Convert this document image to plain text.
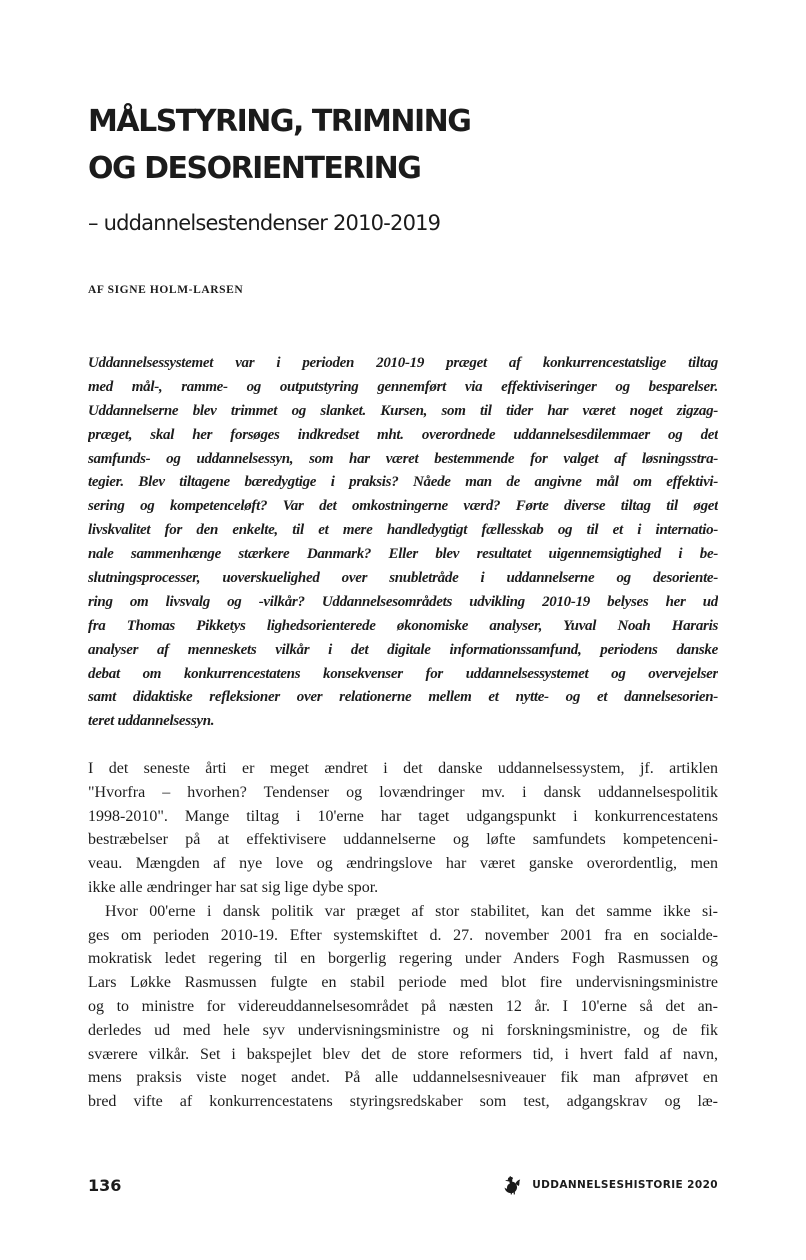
MÅLSTYRING, TRIMNING
OG DESORIENTERING
– uddannelsestendenser 2010-2019
AF SIGNE HOLM-LARSEN
Uddannelsessystemet var i perioden 2010-19 præget af konkurrencestatslige tiltag
med mål-, ramme- og outputstyring gennemført via effektiviseringer og besparelser.
Uddannelserne blev trimmet og slanket. Kursen, som til tider har været noget zigzag-
præget, skal her forsøges indkredset mht. overordnede uddannelsesdilemmaer og det
samfunds- og uddannelsessyn, som har været bestemmende for valget af løsningsstra-
tegier. Blev tiltagene bæredygtige i praksis? Nåede man de angivne mål om effektivi-
sering og kompetenceløft? Var det omkostningerne værd? Førte diverse tiltag til øget
livskvalitet for den enkelte, til et mere handledygtigt fællesskab og til et i internatio-
nale sammenhænge stærkere Danmark? Eller blev resultatet uigennemsigtighed i be-
slutningsprocesser, uoverskuelighed over snubletråde i uddannelserne og desoriente-
ring om livsvalg og -vilkår? Uddannelsesområdets udvikling 2010-19 belyses her ud
fra Thomas Pikketys lighedsorienterede økonomiske analyser, Yuval Noah Hararis
analyser af menneskets vilkår i det digitale informationssamfund, periodens danske
debat om konkurrencestatens konsekvenser for uddannelsessystemet og overvejelser
samt didaktiske refleksioner over relationerne mellem et nytte- og et dannelsesorien-
teret uddannelsessyn.
I det seneste årti er meget ændret i det danske uddannelsessystem, jf. artiklen
"Hvorfra – hvorhen? Tendenser og lovændringer mv. i dansk uddannelsespolitik
1998-2010". Mange tiltag i 10'erne har taget udgangspunkt i konkurrencestatens
bestræbelser på at effektivisere uddannelserne og løfte samfundets kompetenceni-
veau. Mængden af nye love og ændringslove har været ganske overordentlig, men
ikke alle ændringer har sat sig lige dybe spor.
Hvor 00'erne i dansk politik var præget af stor stabilitet, kan det samme ikke si-
ges om perioden 2010-19. Efter systemskiftet d. 27. november 2001 fra en socialde-
mokratisk ledet regering til en borgerlig regering under Anders Fogh Rasmussen og
Lars Løkke Rasmussen fulgte en stabil periode med blot fire undervisningsministre
og to ministre for videreuddannelsesområdet på næsten 12 år. I 10'erne så det an-
derledes ud med hele syv undervisningsministre og ni forskningsministre, og de fik
sværere vilkår. Set i bakspejlet blev det de store reformers tid, i hvert fald af navn,
mens praksis viste noget andet. På alle uddannelsesniveauer fik man afprøvet en
bred vifte af konkurrencestatens styringsredskaber som test, adgangskrav og læ-
136	UDDANNELSESHISTORIE 2020
